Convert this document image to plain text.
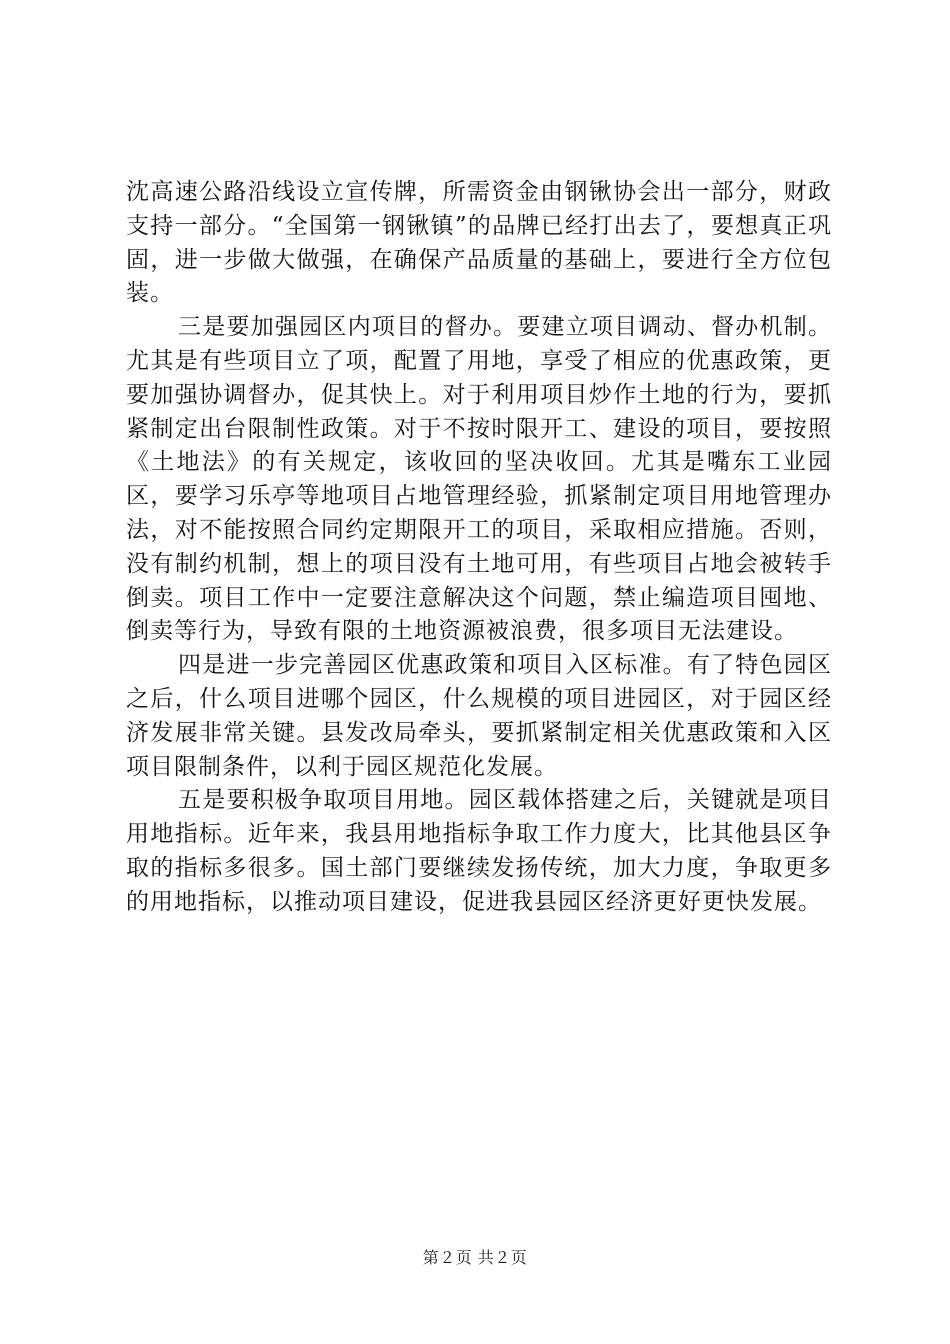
沈高速公路沿线设立宣传牌，所需资金由钢锹协会出一部分，财政支持一部分。“全国第一钢锹镇”的品牌已经打出去了，要想真正巩固，进一步做大做强，在确保产品质量的基础上，要进行全方位包装。

三是要加强园区内项目的督办。要建立项目调动、督办机制。尤其是有些项目立了项，配置了用地，享受了相应的优惠政策，更要加强协调督办，促其快上。对于利用项目炒作土地的行为，要抓紧制定出台限制性政策。对于不按时限开工、建设的项目，要按照《土地法》的有关规定，该收回的坚决收回。尤其是嘴东工业园区，要学习乐亭等地项目占地管理经验，抓紧制定项目用地管理办法，对不能按照合同约定期限开工的项目，采取相应措施。否则，没有制约机制，想上的项目没有土地可用，有些项目占地会被转手倒卖。项目工作中一定要注意解决这个问题，禁止编造项目囤地、倒卖等行为，导致有限的土地资源被浪费，很多项目无法建设。

四是进一步完善园区优惠政策和项目入区标准。有了特色园区之后，什么项目进哪个园区，什么规模的项目进园区，对于园区经济发展非常关键。县发改局牵头，要抓紧制定相关优惠政策和入区项目限制条件，以利于园区规范化发展。

五是要积极争取项目用地。园区载体搭建之后，关键就是项目用地指标。近年来，我县用地指标争取工作力度大，比其他县区争取的指标多很多。国土部门要继续发扬传统，加大力度，争取更多的用地指标，以推动项目建设，促进我县园区经济更好更快发展。

第２页 共２页
